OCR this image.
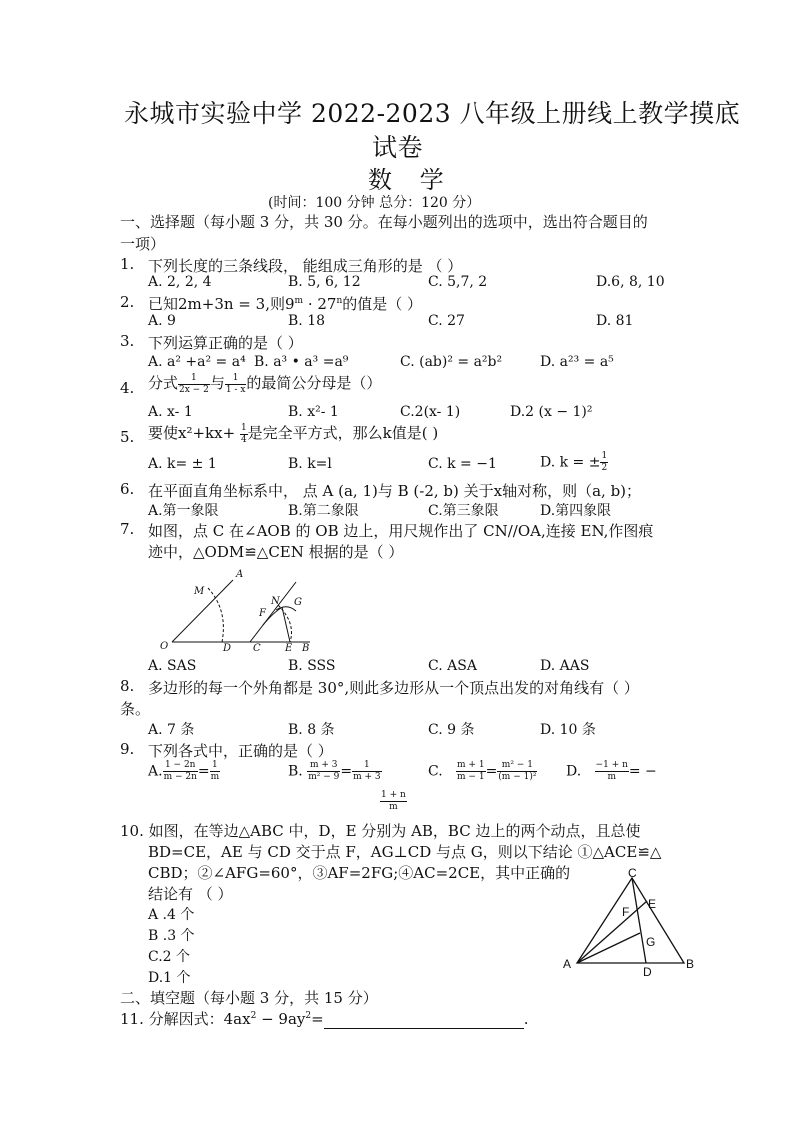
永城市实验中学 2022-2023 八年级上册线上教学摸底
试卷
数 学
(时间：100 分钟 总分：120 分）
一、选择题（每小题 3 分，共 30 分。在每小题列出的选项中，选出符合题目的
一项）
1. 下列长度的三条线段， 能组成三角形的是 （ ）
A. 2, 2, 4	B. 5, 6, 12	C. 5,7, 2	D.6, 8, 10
2. 已知2m+3n = 3,则$9^m \cdot 27^n$的值是（ ）
A. 9	B. 18	C. 27	D. 81
3. 下列运算正确的是（ ）
A. a² +a² = a⁴ B. a³ • a³ =a⁹	C. (ab)² = a²b²	D. a²³ = a⁵
4. 分式 $\frac{1}{2x - 2}$ 与 $\frac{1}{1 - x}$ 的最简公分母是（）
A. x- 1	B. x²- 1	C.2(x- 1)	D.2 (x − 1)²
5. 要使$x^2+kx+ \frac{1}{4}$ 是完全平方式，那么k值是( )
A. k= ± 1	B. k=l	C. k = −1	D. k = ± $\frac{1}{2}$
6. 在平面直角坐标系中， 点 A (a, 1)与 B (-2, b) 关于x轴对称，则（a, b)；
A.第一象限	B.第二象限	C.第三象限	D.第四象限
7. 如图，点 C 在∠AOB 的 OB 边上，用尺规作出了 CN//OA,连接 EN,作图痕
迹中，△ODM≌△CEN 根据的是（ ）
A
M
O	D C
F
N G
E B
A. SAS	B. SSS	C. ASA	D. AAS
8. 多边形的每一个外角都是 30°,则此多边形从一个顶点出发的对角线有（ ）
条。
A. 7 条	B. 8 条	C. 9 条	D. 10 条
9. 下列各式中，正确的是（ ）
A. $\frac{1 - 2n}{m - 2n} = \frac{1}{m}$	B. $\frac{m + 3}{\text{m² − 9}} = \frac{1}{m + 3}$	C. $\frac{m + 1}{m - 1} = \frac{\text{m² − 1}}{\text{(m − 1)²}} D$. $\frac{-1 + n}{m}$ = −
$\frac{1 + n}{m}$
10. 如图，在等边△ABC 中，D，E 分别为 AB，BC 边上的两个动点，且总使
BD=CE，AE 与 CD 交于点 F，AG⊥CD 与点 G，则以下结论 ①△ACE≌△
CBD；②∠AFG=60°，③AF=2FG;④AC=2CE，其中正确的
结论有 （ ）
A .4 个
B .3 个
C.2 个
D.1 个
C
E
F
G
A
D
B
二、填空题（每小题 3 分，共 15 分）
11. 分解因式：$4ax^2 - 9ay^2=$	.
